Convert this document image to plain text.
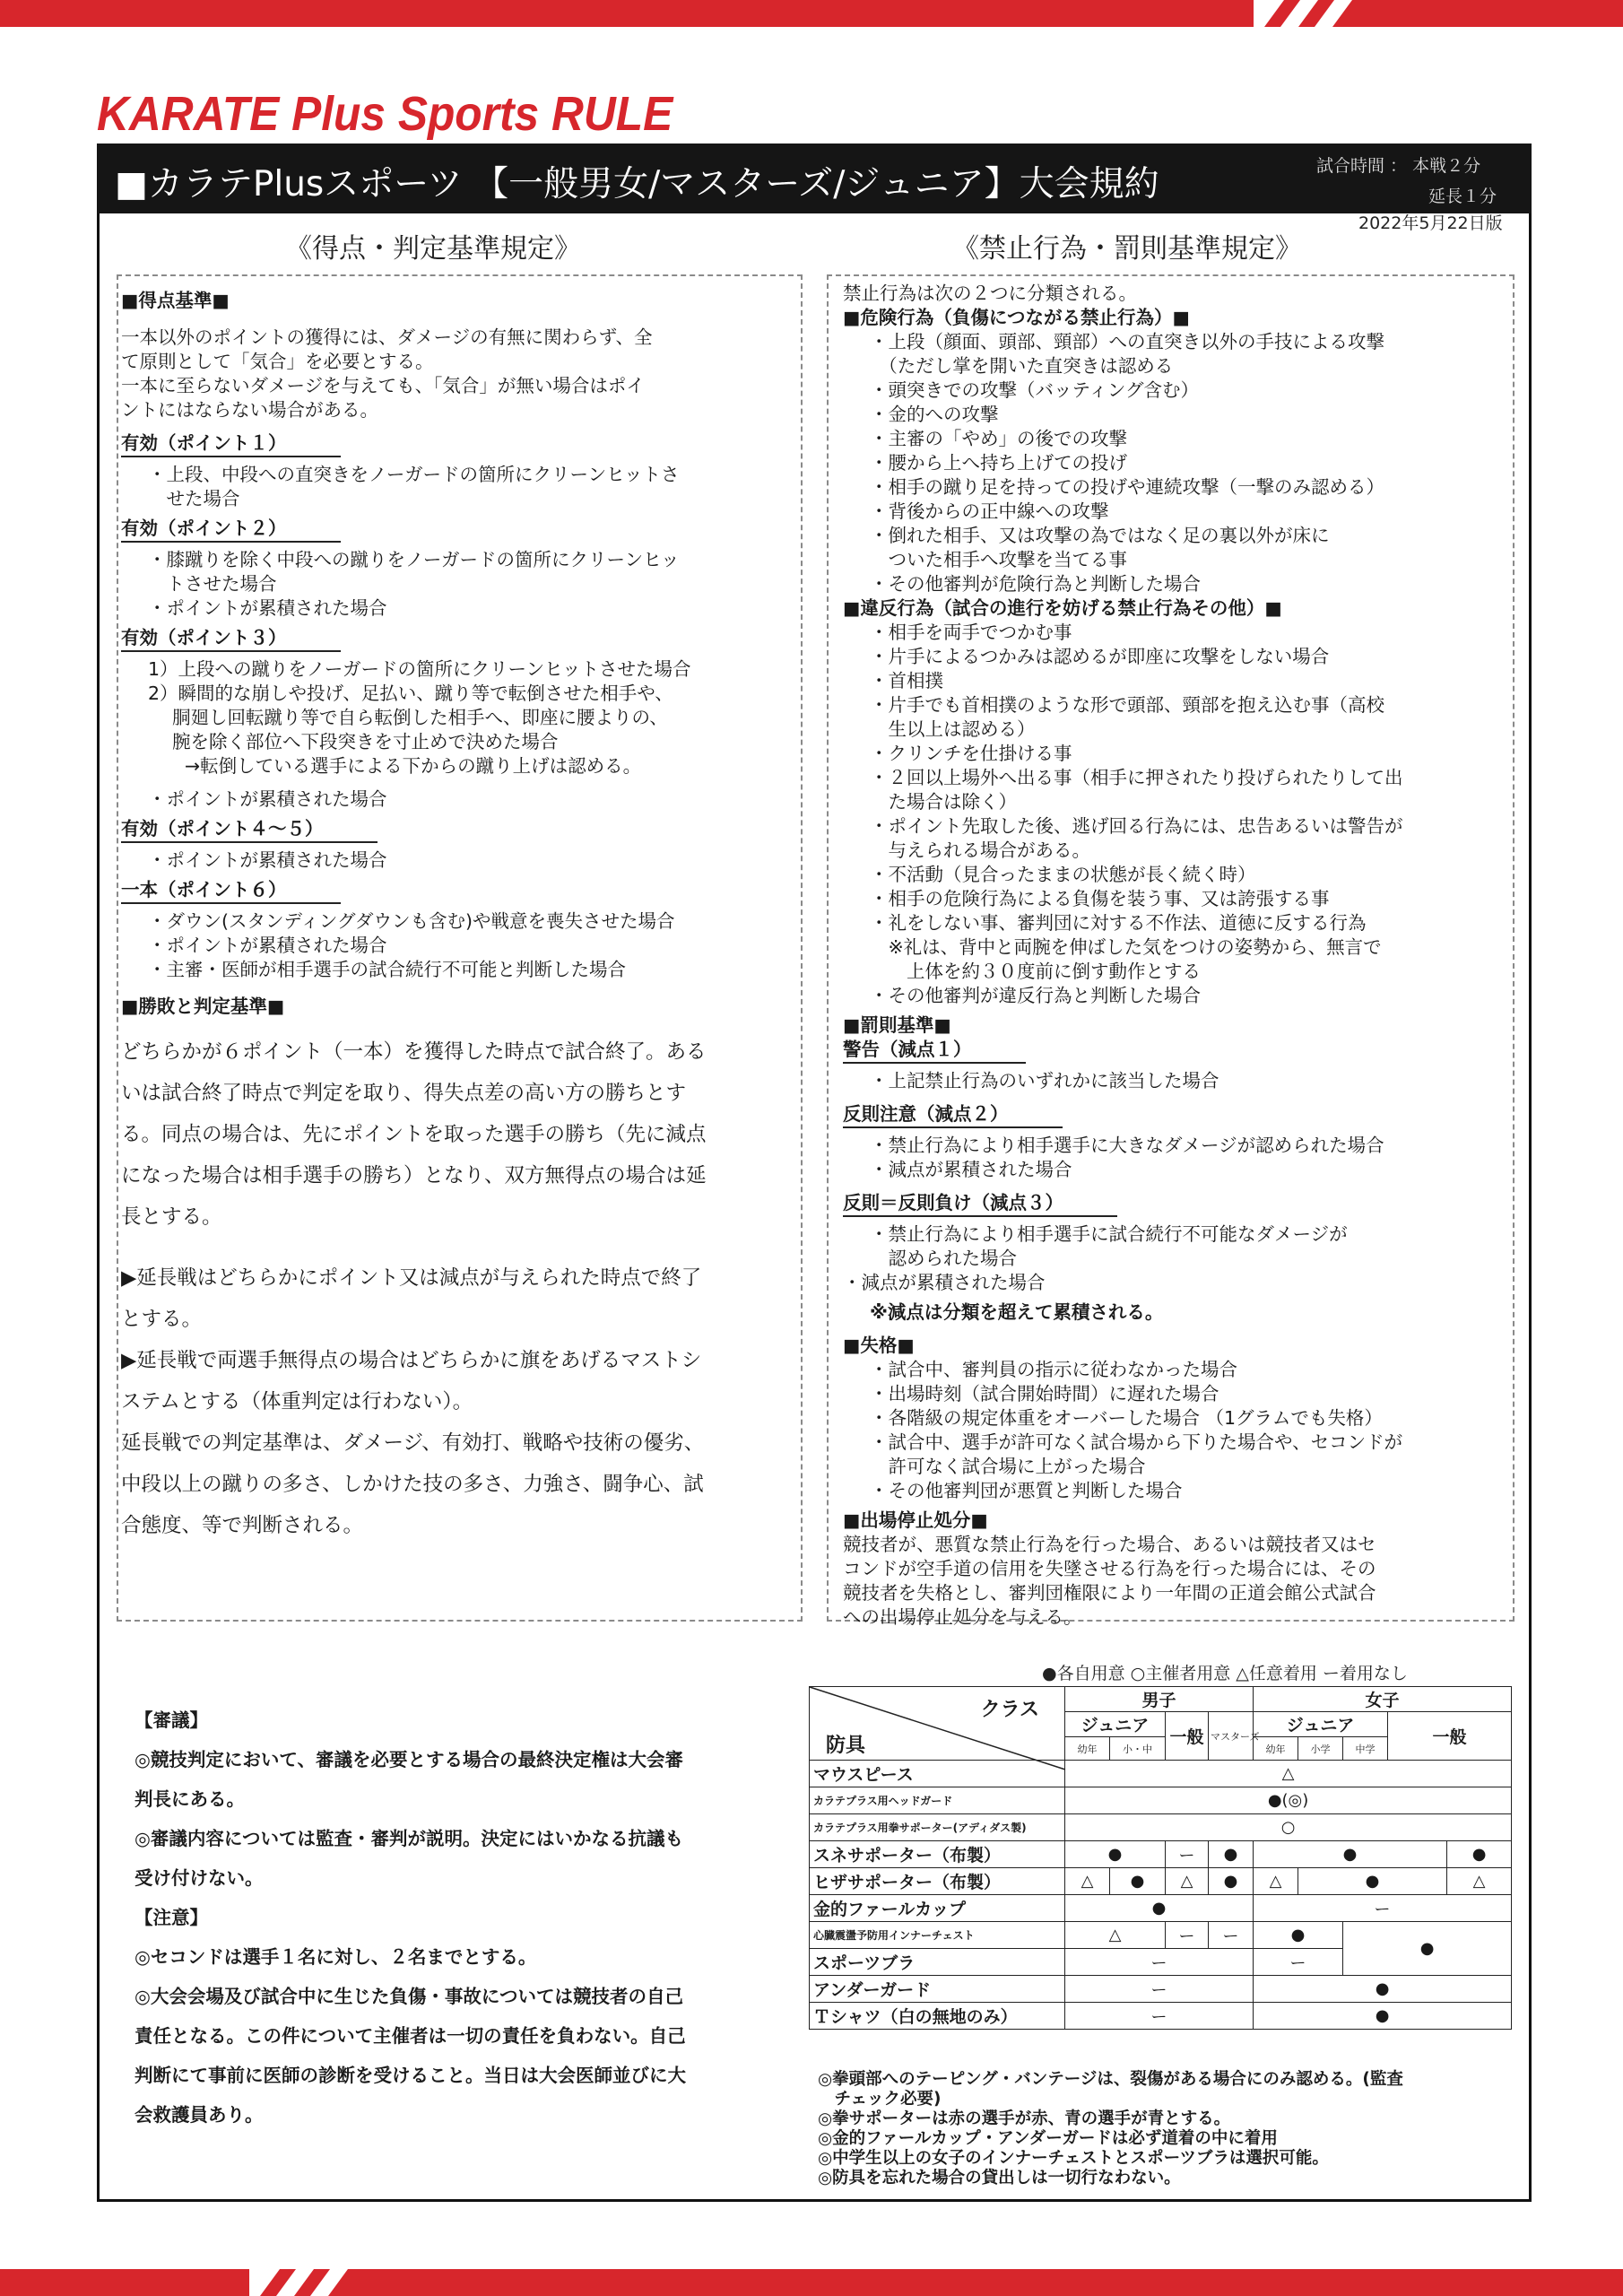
KARATE Plus Sports RULE
■カラテPlusスポーツ 【一般男女/マスターズ/ジュニア】大会規約	試合時間 ： 本戦２分
延長１分
2022年5月22日版
《得点・判定基準規定》	《禁止行為・罰則基準規定》
■得点基準■
一本以外のポイントの獲得には、ダメージの有無に関わらず、全
て原則として「気合」を必要とする。
一本に至らないダメージを与えても、「気合」が無い場合はポイ
ントにはならない場合がある。
有効（ポイント１）
・上段、中段への直突きをノーガードの箇所にクリーンヒットさ
　せた場合
有効（ポイント２）
・膝蹴りを除く中段への蹴りをノーガードの箇所にクリーンヒッ
　トさせた場合
・ポイントが累積された場合
有効（ポイント３）
1）上段への蹴りをノーガードの箇所にクリーンヒットさせた場合
2）瞬間的な崩しや投げ、足払い、蹴り等で転倒させた相手や、
　 胴廻し回転蹴り等で自ら転倒した相手へ、即座に腰よりの、
　 腕を除く部位へ下段突きを寸止めで決めた場合
　　→転倒している選手による下からの蹴り上げは認める。
・ポイントが累積された場合
有効（ポイント４～５）
・ポイントが累積された場合
一本（ポイント６）
・ダウン(スタンディングダウンも含む)や戦意を喪失させた場合
・ポイントが累積された場合
・主審・医師が相手選手の試合続行不可能と判断した場合
■勝敗と判定基準■
どちらかが６ポイント（一本）を獲得した時点で試合終了。ある
いは試合終了時点で判定を取り、得失点差の高い方の勝ちとす
る。同点の場合は、先にポイントを取った選手の勝ち（先に減点
になった場合は相手選手の勝ち）となり、双方無得点の場合は延
長とする。
▶延長戦はどちらかにポイント又は減点が与えられた時点で終了
とする。
▶延長戦で両選手無得点の場合はどちらかに旗をあげるマストシ
ステムとする（体重判定は行わない）。
延長戦での判定基準は、ダメージ、有効打、戦略や技術の優劣、
中段以上の蹴りの多さ、しかけた技の多さ、力強さ、闘争心、試
合態度、等で判断される。
禁止行為は次の２つに分類される。
■危険行為（負傷につながる禁止行為）■
・上段（顔面、頭部、頸部）への直突き以外の手技による攻撃
　（ただし掌を開いた直突きは認める
・頭突きでの攻撃（バッティング含む）
・金的への攻撃
・主審の「やめ」の後での攻撃
・腰から上へ持ち上げての投げ
・相手の蹴り足を持っての投げや連続攻撃（一撃のみ認める）
・背後からの正中線への攻撃
・倒れた相手、又は攻撃の為ではなく足の裏以外が床に
　ついた相手へ攻撃を当てる事
・その他審判が危険行為と判断した場合
■違反行為（試合の進行を妨げる禁止行為その他）■
・相手を両手でつかむ事
・片手によるつかみは認めるが即座に攻撃をしない場合
・首相撲
・片手でも首相撲のような形で頭部、頸部を抱え込む事（高校
　生以上は認める）
・クリンチを仕掛ける事
・２回以上場外へ出る事（相手に押されたり投げられたりして出
　た場合は除く）
・ポイント先取した後、逃げ回る行為には、忠告あるいは警告が
　与えられる場合がある。
・不活動（見合ったままの状態が長く続く時）
・相手の危険行為による負傷を装う事、又は誇張する事
・礼をしない事、審判団に対する不作法、道徳に反する行為
　※礼は、背中と両腕を伸ばした気をつけの姿勢から、無言で
　　上体を約３０度前に倒す動作とする
・その他審判が違反行為と判断した場合
■罰則基準■
警告（減点１）
・上記禁止行為のいずれかに該当した場合
反則注意（減点２）
・禁止行為により相手選手に大きなダメージが認められた場合
・減点が累積された場合
反則＝反則負け（減点３）
・禁止行為により相手選手に試合続行不可能なダメージが
　認められた場合
・減点が累積された場合
※減点は分類を超えて累積される。
■失格■
・試合中、審判員の指示に従わなかった場合
・出場時刻（試合開始時間）に遅れた場合
・各階級の規定体重をオーバーした場合 （1グラムでも失格）
・試合中、選手が許可なく試合場から下りた場合や、セコンドが
　許可なく試合場に上がった場合
・その他審判団が悪質と判断した場合
■出場停止処分■
競技者が、悪質な禁止行為を行った場合、あるいは競技者又はセ
コンドが空手道の信用を失墜させる行為を行った場合には、その
競技者を失格とし、審判団権限により一年間の正道会館公式試合
への出場停止処分を与える。
【審議】
◎競技判定において、審議を必要とする場合の最終決定権は大会審
判長にある。
◎審議内容については監査・審判が説明。決定にはいかなる抗議も
受け付けない。
【注意】
◎セコンドは選手１名に対し、２名までとする。
◎大会会場及び試合中に生じた負傷・事故については競技者の自己
責任となる。この件について主催者は一切の責任を負わない。自己
判断にて事前に医師の診断を受けること。当日は大会医師並びに大
会救護員あり。
●各自用意 ○主催者用意 △任意着用 ー着用なし
クラス
防具	男子				女子				
	ジュニア		一般	マスターズ	ジュニア			一般	
	幼年	小・中			幼年	小学	中学		
マウスピース	△								
カラテプラス用ヘッドガード	●(◎)								
カラテプラス用拳サポーター(アディダス製)	○								
スネサポーター（布製）	●		ー	●	●				●
ヒザサポーター（布製）	△	●	△	●	△	●			△
金的ファールカップ	●				ー				
心臓震盪予防用インナーチェスト	△		ー	ー	●		●		
スポーツブラ	ー				ー				
アンダーガード	ー				●				
Ｔシャツ（白の無地のみ）	ー				●				
◎拳頭部へのテーピング・バンテージは、裂傷がある場合にのみ認める。(監査
　チェック必要)
◎拳サポーターは赤の選手が赤、青の選手が青とする。
◎金的ファールカップ・アンダーガードは必ず道着の中に着用
◎中学生以上の女子のインナーチェストとスポーツブラは選択可能。
◎防具を忘れた場合の貸出しは一切行なわない。
